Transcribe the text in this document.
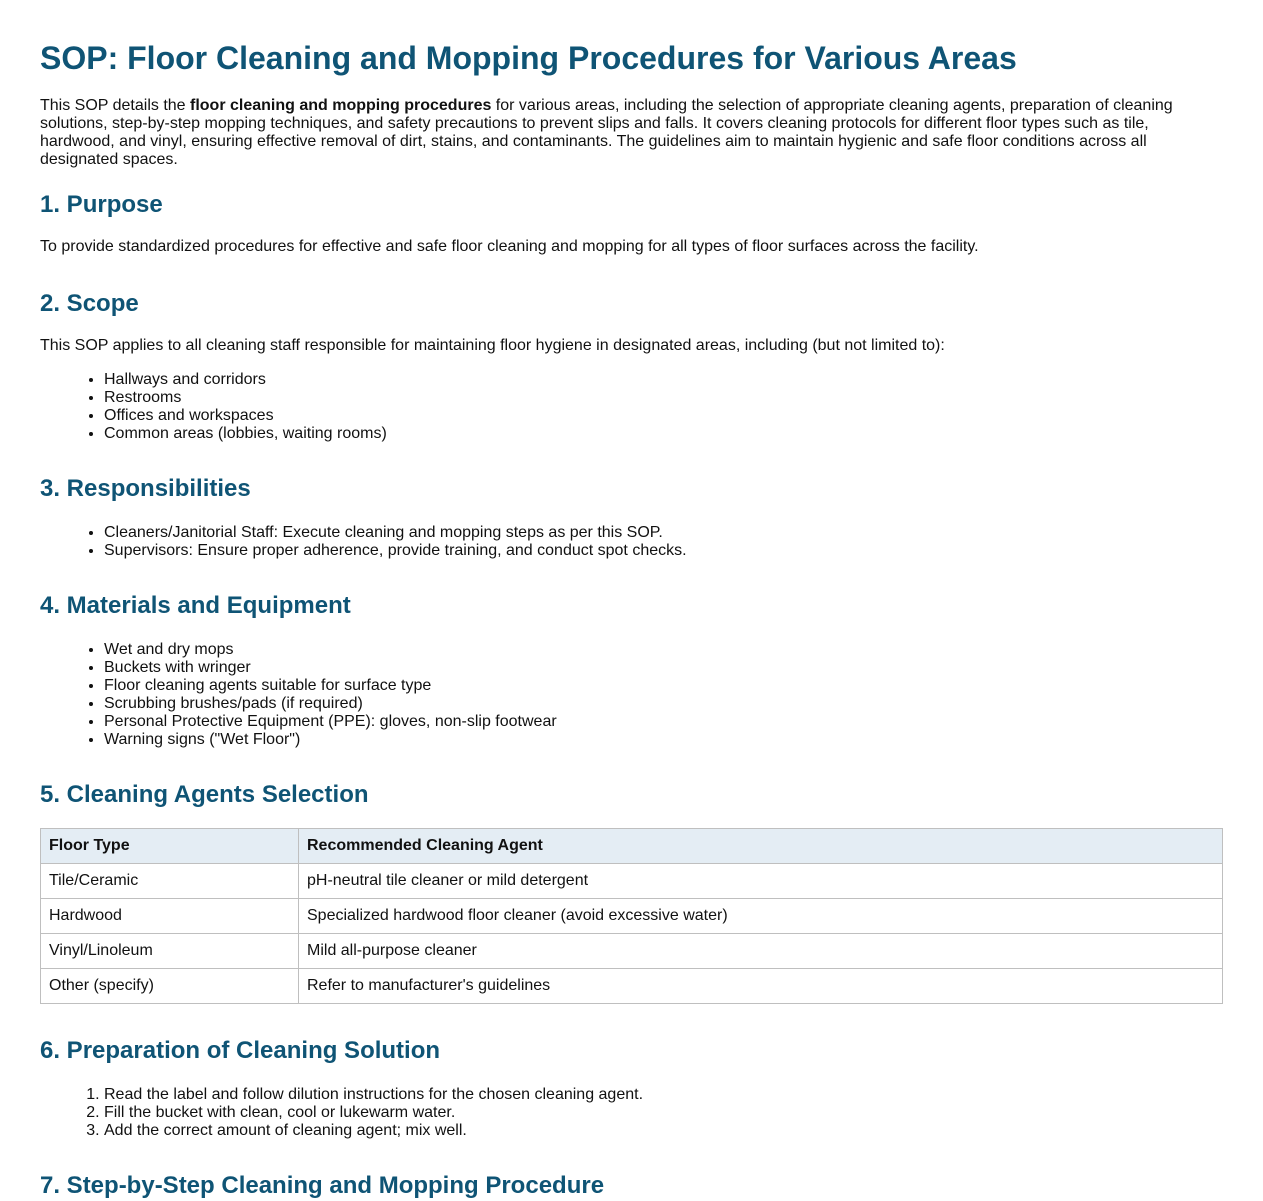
SOP: Floor Cleaning and Mopping Procedures for Various Areas

This SOP details the floor cleaning and mopping procedures for various areas, including the selection of appropriate cleaning agents, preparation of cleaning solutions, step-by-step mopping techniques, and safety precautions to prevent slips and falls. It covers cleaning protocols for different floor types such as tile, hardwood, and vinyl, ensuring effective removal of dirt, stains, and contaminants. The guidelines aim to maintain hygienic and safe floor conditions across all designated spaces.

1. Purpose

To provide standardized procedures for effective and safe floor cleaning and mopping for all types of floor surfaces across the facility.

2. Scope

This SOP applies to all cleaning staff responsible for maintaining floor hygiene in designated areas, including (but not limited to):

• Hallways and corridors
• Restrooms
• Offices and workspaces
• Common areas (lobbies, waiting rooms)
3. Responsibilities
• Cleaners/Janitorial Staff: Execute cleaning and mopping steps as per this SOP.
• Supervisors: Ensure proper adherence, provide training, and conduct spot checks.
4. Materials and Equipment
• Wet and dry mops
• Buckets with wringer
• Floor cleaning agents suitable for surface type
• Scrubbing brushes/pads (if required)
• Personal Protective Equipment (PPE): gloves, non-slip footwear
• Warning signs ("Wet Floor")
5. Cleaning Agents Selection
Floor Type	Recommended Cleaning Agent
Tile/Ceramic	pH-neutral tile cleaner or mild detergent
Hardwood	Specialized hardwood floor cleaner (avoid excessive water)
Vinyl/Linoleum	Mild all-purpose cleaner
Other (specify)	Refer to manufacturer's guidelines
6. Preparation of Cleaning Solution
1. Read the label and follow dilution instructions for the chosen cleaning agent.
2. Fill the bucket with clean, cool or lukewarm water.
3. Add the correct amount of cleaning agent; mix well.
7. Step-by-Step Cleaning and Mopping Procedure
